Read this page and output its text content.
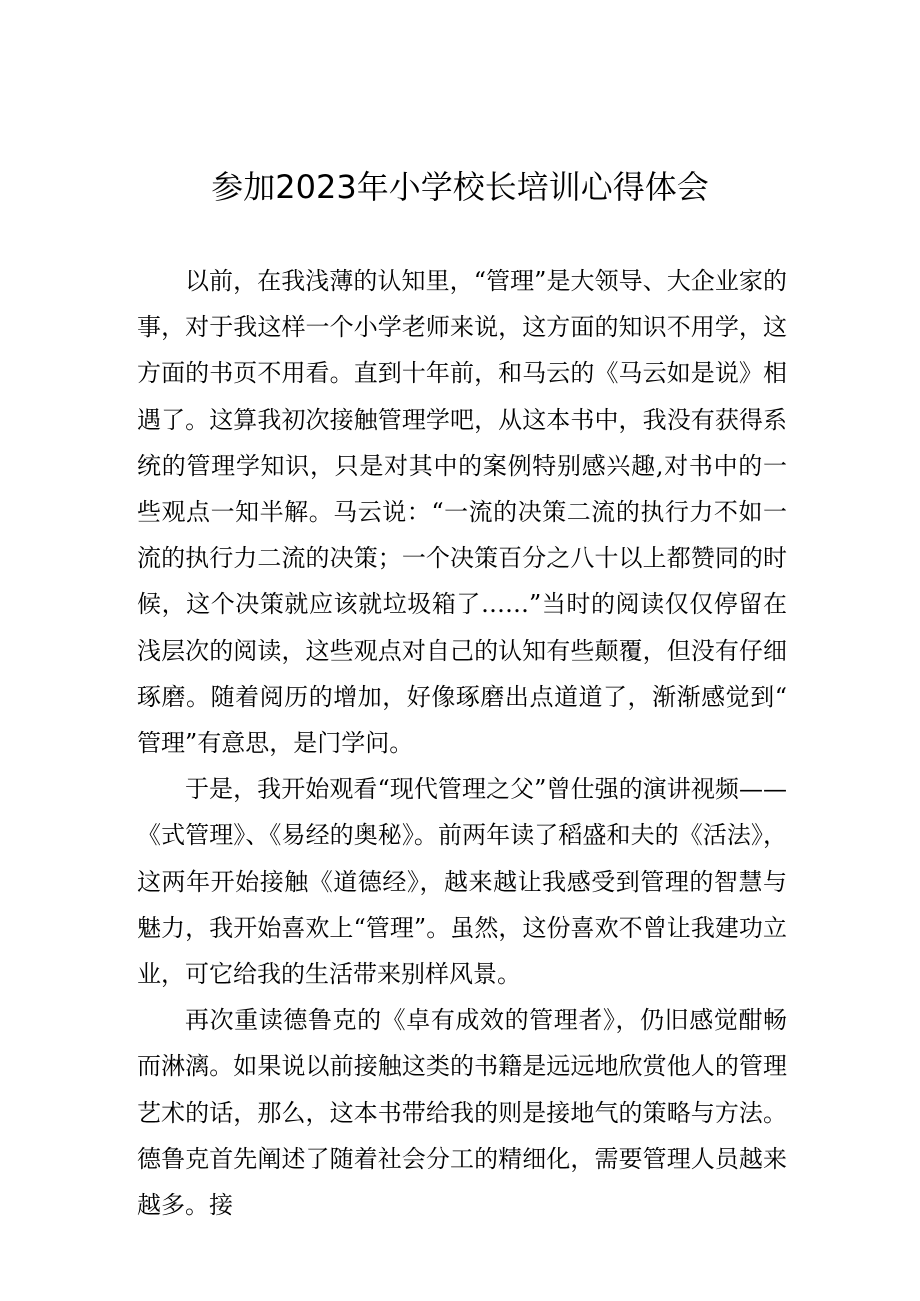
参加2023年小学校长培训心得体会

以前，在我浅薄的认知里，“管理”是大领导、大企业家的事，对于我这样一个小学老师来说，这方面的知识不用学，这方面的书页不用看。直到十年前，和马云的《马云如是说》相遇了。这算我初次接触管理学吧，从这本书中，我没有获得系统的管理学知识，只是对其中的案例特别感兴趣,对书中的一些观点一知半解。马云说：“一流的决策二流的执行力不如一流的执行力二流的决策；一个决策百分之八十以上都赞同的时候，这个决策就应该就垃圾箱了……”当时的阅读仅仅停留在浅层次的阅读，这些观点对自己的认知有些颠覆，但没有仔细琢磨。随着阅历的增加，好像琢磨出点道道了，渐渐感觉到“管理”有意思，是门学问。

于是，我开始观看“现代管理之父”曾仕强的演讲视频——《式管理》、《易经的奥秘》。前两年读了稻盛和夫的《活法》，这两年开始接触《道德经》，越来越让我感受到管理的智慧与魅力，我开始喜欢上“管理”。虽然，这份喜欢不曾让我建功立业，可它给我的生活带来别样风景。

再次重读德鲁克的《卓有成效的管理者》，仍旧感觉酣畅而淋漓。如果说以前接触这类的书籍是远远地欣赏他人的管理艺术的话，那么，这本书带给我的则是接地气的策略与方法。德鲁克首先阐述了随着社会分工的精细化，需要管理人员越来越多。接
